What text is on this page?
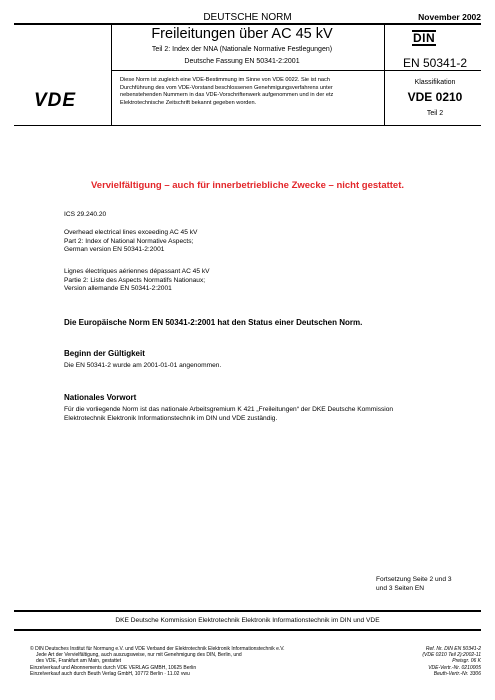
DEUTSCHE NORM	November 2002
Freileitungen über AC 45 kV
Teil 2: Index der NNA (Nationale Normative Festlegungen)
Deutsche Fassung EN 50341-2:2001
DIN
EN 50341-2
VDE
Diese Norm ist zugleich eine VDE-Bestimmung im Sinne von VDE 0022. Sie ist nach
Durchführung des vom VDE-Vorstand beschlossenen Genehmigungsverfahrens unter
nebenstehenden Nummern in das VDE-Vorschriftenwerk aufgenommen und in der etz
Elektrotechnische Zeitschrift bekannt gegeben worden.
Klassifikation
VDE 0210
Teil 2
Vervielfältigung – auch für innerbetriebliche Zwecke – nicht gestattet.
ICS 29.240.20
Overhead electrical lines exceeding AC 45 kV
Part 2: Index of National Normative Aspects;
German version EN 50341-2:2001
Lignes électriques aériennes dépassant AC 45 kV
Partie 2: Liste des Aspects Normatifs Nationaux;
Version allemande EN 50341-2:2001
Die Europäische Norm EN 50341-2:2001 hat den Status einer Deutschen Norm.
Beginn der Gültigkeit
Die EN 50341-2 wurde am 2001-01-01 angenommen.
Nationales Vorwort
Für die vorliegende Norm ist das nationale Arbeitsgremium K 421 „Freileitungen“ der DKE Deutsche Kommission
Elektrotechnik Elektronik Informationstechnik im DIN und VDE zuständig.
Fortsetzung Seite 2 und 3
und 3 Seiten EN
DKE Deutsche Kommission Elektrotechnik Elektronik Informationstechnik im DIN und VDE
© DIN Deutsches Institut für Normung e.V. und VDE Verband der Elektrotechnik Elektronik Informationstechnik e.V.
Jede Art der Vervielfältigung, auch auszugsweise, nur mit Genehmigung des DIN, Berlin, und
des VDE, Frankfurt am Main, gestattet
Einzelverkauf und Abonnements durch VDE VERLAG GMBH, 10625 Berlin
Einzelverkauf auch durch Beuth Verlag GmbH, 10772 Berlin · 11.02 vwu
Ref. Nr. DIN EN 50341-2
(VDE 0210 Teil 2):2002-11
Preisgr. 06 K
VDE-Vertr.-Nr. 0210005
Beuth-Vertr.-Nr. 3306
